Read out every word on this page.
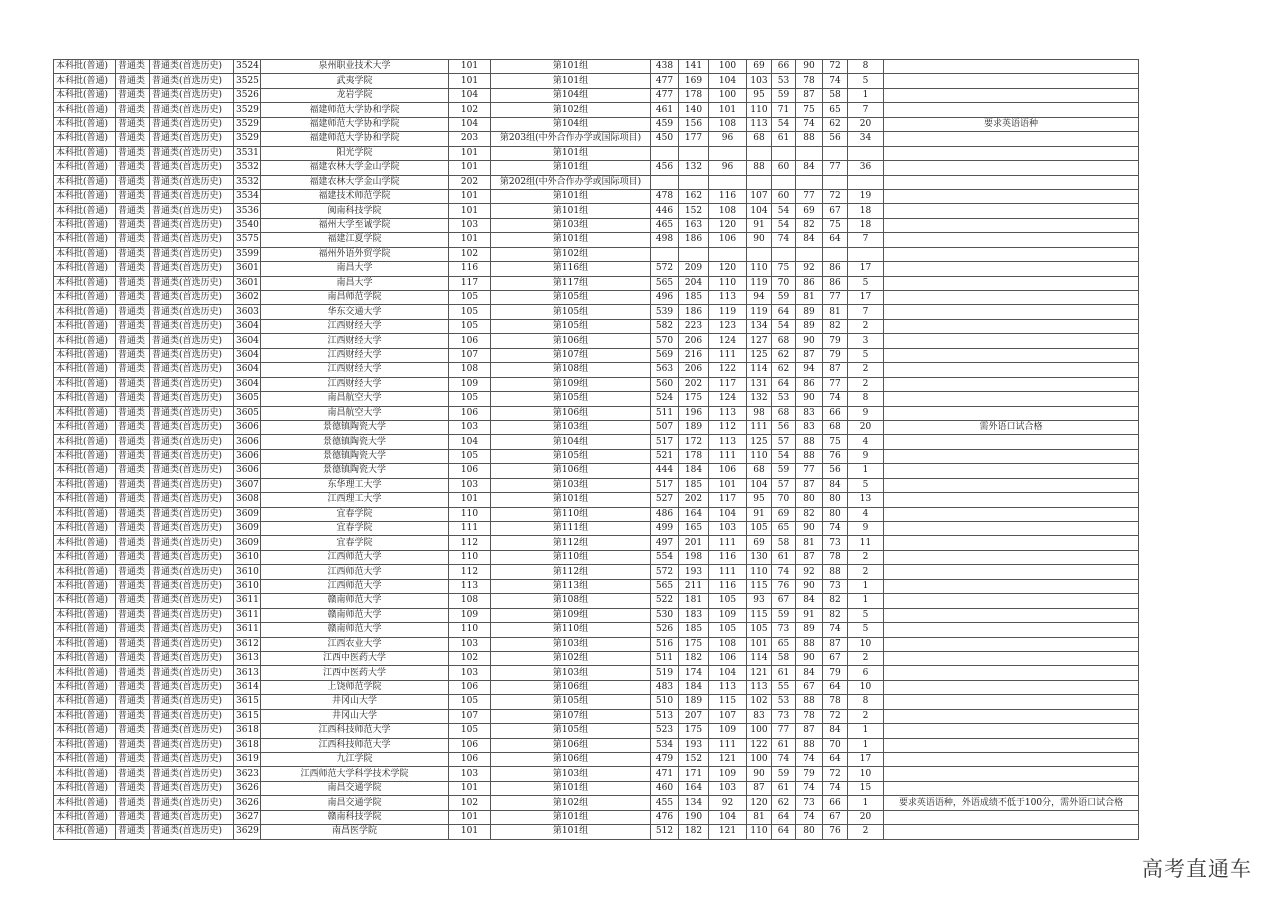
本科批(普通)	普通类	普通类(首选历史)	3524	泉州职业技术大学	101	第101组	438	141	100	69	66	90	72	8	
本科批(普通)	普通类	普通类(首选历史)	3525	武夷学院	101	第101组	477	169	104	103	53	78	74	5	
本科批(普通)	普通类	普通类(首选历史)	3526	龙岩学院	104	第104组	477	178	100	95	59	87	58	1	
本科批(普通)	普通类	普通类(首选历史)	3529	福建师范大学协和学院	102	第102组	461	140	101	110	71	75	65	7	
本科批(普通)	普通类	普通类(首选历史)	3529	福建师范大学协和学院	104	第104组	459	156	108	113	54	74	62	20	要求英语语种
本科批(普通)	普通类	普通类(首选历史)	3529	福建师范大学协和学院	203	第203组(中外合作办学或国际项目)	450	177	96	68	61	88	56	34	
本科批(普通)	普通类	普通类(首选历史)	3531	阳光学院	101	第101组									
本科批(普通)	普通类	普通类(首选历史)	3532	福建农林大学金山学院	101	第101组	456	132	96	88	60	84	77	36	
本科批(普通)	普通类	普通类(首选历史)	3532	福建农林大学金山学院	202	第202组(中外合作办学或国际项目)									
本科批(普通)	普通类	普通类(首选历史)	3534	福建技术师范学院	101	第101组	478	162	116	107	60	77	72	19	
本科批(普通)	普通类	普通类(首选历史)	3536	闽南科技学院	101	第101组	446	152	108	104	54	69	67	18	
本科批(普通)	普通类	普通类(首选历史)	3540	福州大学至诚学院	103	第103组	465	163	120	91	54	82	75	18	
本科批(普通)	普通类	普通类(首选历史)	3575	福建江夏学院	101	第101组	498	186	106	90	74	84	64	7	
本科批(普通)	普通类	普通类(首选历史)	3599	福州外语外贸学院	102	第102组									
本科批(普通)	普通类	普通类(首选历史)	3601	南昌大学	116	第116组	572	209	120	110	75	92	86	17	
本科批(普通)	普通类	普通类(首选历史)	3601	南昌大学	117	第117组	565	204	110	119	70	86	86	5	
本科批(普通)	普通类	普通类(首选历史)	3602	南昌师范学院	105	第105组	496	185	113	94	59	81	77	17	
本科批(普通)	普通类	普通类(首选历史)	3603	华东交通大学	105	第105组	539	186	119	119	64	89	81	7	
本科批(普通)	普通类	普通类(首选历史)	3604	江西财经大学	105	第105组	582	223	123	134	54	89	82	2	
本科批(普通)	普通类	普通类(首选历史)	3604	江西财经大学	106	第106组	570	206	124	127	68	90	79	3	
本科批(普通)	普通类	普通类(首选历史)	3604	江西财经大学	107	第107组	569	216	111	125	62	87	79	5	
本科批(普通)	普通类	普通类(首选历史)	3604	江西财经大学	108	第108组	563	206	122	114	62	94	87	2	
本科批(普通)	普通类	普通类(首选历史)	3604	江西财经大学	109	第109组	560	202	117	131	64	86	77	2	
本科批(普通)	普通类	普通类(首选历史)	3605	南昌航空大学	105	第105组	524	175	124	132	53	90	74	8	
本科批(普通)	普通类	普通类(首选历史)	3605	南昌航空大学	106	第106组	511	196	113	98	68	83	66	9	
本科批(普通)	普通类	普通类(首选历史)	3606	景德镇陶瓷大学	103	第103组	507	189	112	111	56	83	68	20	需外语口试合格
本科批(普通)	普通类	普通类(首选历史)	3606	景德镇陶瓷大学	104	第104组	517	172	113	125	57	88	75	4	
本科批(普通)	普通类	普通类(首选历史)	3606	景德镇陶瓷大学	105	第105组	521	178	111	110	54	88	76	9	
本科批(普通)	普通类	普通类(首选历史)	3606	景德镇陶瓷大学	106	第106组	444	184	106	68	59	77	56	1	
本科批(普通)	普通类	普通类(首选历史)	3607	东华理工大学	103	第103组	517	185	101	104	57	87	84	5	
本科批(普通)	普通类	普通类(首选历史)	3608	江西理工大学	101	第101组	527	202	117	95	70	80	80	13	
本科批(普通)	普通类	普通类(首选历史)	3609	宜春学院	110	第110组	486	164	104	91	69	82	80	4	
本科批(普通)	普通类	普通类(首选历史)	3609	宜春学院	111	第111组	499	165	103	105	65	90	74	9	
本科批(普通)	普通类	普通类(首选历史)	3609	宜春学院	112	第112组	497	201	111	69	58	81	73	11	
本科批(普通)	普通类	普通类(首选历史)	3610	江西师范大学	110	第110组	554	198	116	130	61	87	78	2	
本科批(普通)	普通类	普通类(首选历史)	3610	江西师范大学	112	第112组	572	193	111	110	74	92	88	2	
本科批(普通)	普通类	普通类(首选历史)	3610	江西师范大学	113	第113组	565	211	116	115	76	90	73	1	
本科批(普通)	普通类	普通类(首选历史)	3611	赣南师范大学	108	第108组	522	181	105	93	67	84	82	1	
本科批(普通)	普通类	普通类(首选历史)	3611	赣南师范大学	109	第109组	530	183	109	115	59	91	82	5	
本科批(普通)	普通类	普通类(首选历史)	3611	赣南师范大学	110	第110组	526	185	105	105	73	89	74	5	
本科批(普通)	普通类	普通类(首选历史)	3612	江西农业大学	103	第103组	516	175	108	101	65	88	87	10	
本科批(普通)	普通类	普通类(首选历史)	3613	江西中医药大学	102	第102组	511	182	106	114	58	90	67	2	
本科批(普通)	普通类	普通类(首选历史)	3613	江西中医药大学	103	第103组	519	174	104	121	61	84	79	6	
本科批(普通)	普通类	普通类(首选历史)	3614	上饶师范学院	106	第106组	483	184	113	113	55	67	64	10	
本科批(普通)	普通类	普通类(首选历史)	3615	井冈山大学	105	第105组	510	189	115	102	53	88	78	8	
本科批(普通)	普通类	普通类(首选历史)	3615	井冈山大学	107	第107组	513	207	107	83	73	78	72	2	
本科批(普通)	普通类	普通类(首选历史)	3618	江西科技师范大学	105	第105组	523	175	109	100	77	87	84	1	
本科批(普通)	普通类	普通类(首选历史)	3618	江西科技师范大学	106	第106组	534	193	111	122	61	88	70	1	
本科批(普通)	普通类	普通类(首选历史)	3619	九江学院	106	第106组	479	152	121	100	74	74	64	17	
本科批(普通)	普通类	普通类(首选历史)	3623	江西师范大学科学技术学院	103	第103组	471	171	109	90	59	79	72	10	
本科批(普通)	普通类	普通类(首选历史)	3626	南昌交通学院	101	第101组	460	164	103	87	61	74	74	15	
本科批(普通)	普通类	普通类(首选历史)	3626	南昌交通学院	102	第102组	455	134	92	120	62	73	66	1	要求英语语种，外语成绩不低于100分，需外语口试合格
本科批(普通)	普通类	普通类(首选历史)	3627	赣南科技学院	101	第101组	476	190	104	81	64	74	67	20	
本科批(普通)	普通类	普通类(首选历史)	3629	南昌医学院	101	第101组	512	182	121	110	64	80	76	2	
高考直通车
